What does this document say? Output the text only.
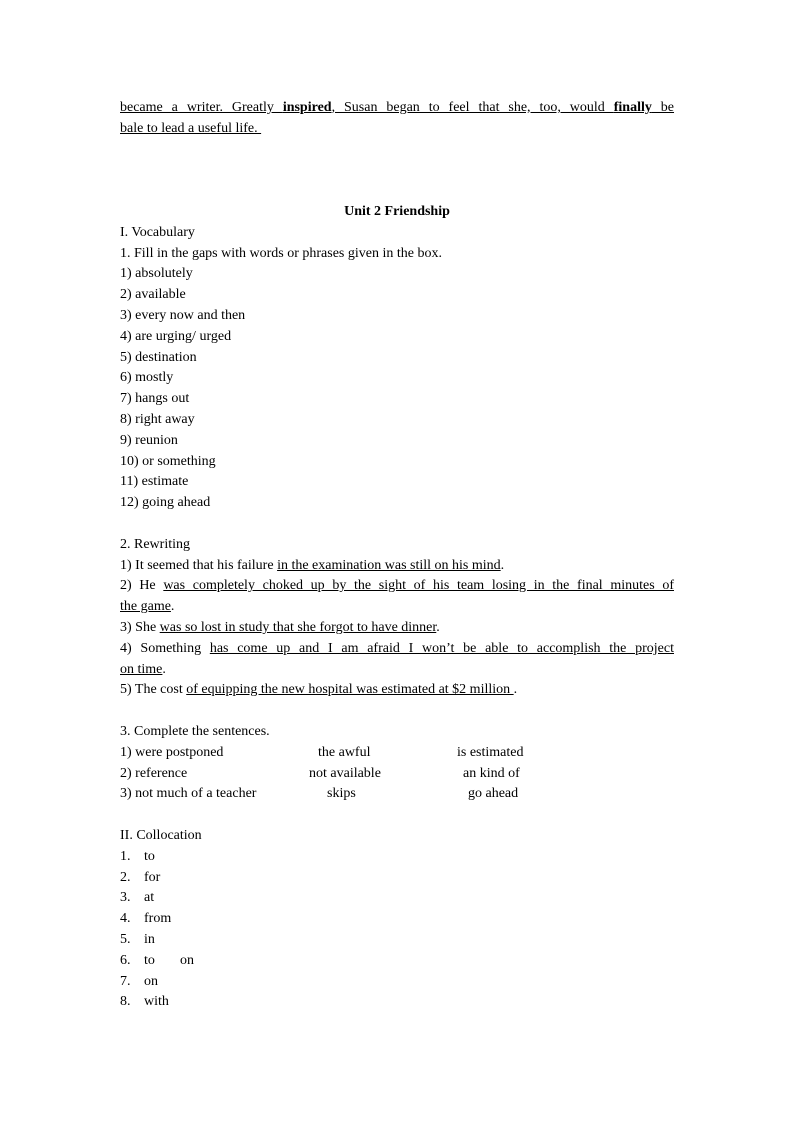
became a writer. Greatly inspired, Susan began to feel that she, too, would finally be
bale to lead a useful life.
Unit 2 Friendship
I. Vocabulary
1. Fill in the gaps with words or phrases given in the box.
1) absolutely
2) available
3) every now and then
4) are urging/ urged
5) destination
6) mostly
7) hangs out
8) right away
9) reunion
10) or something
11) estimate
12) going ahead
2. Rewriting
1) It seemed that his failure in the examination was still on his mind.
2) He was completely choked up by the sight of his team losing in the final minutes of
the game.
3) She was so lost in study that she forgot to have dinner.
4) Something has come up and I am afraid I won’t be able to accomplish the project
on time.
5) The cost of equipping the new hospital was estimated at $2 million .
3. Complete the sentences.
1) were postponed	the awful	is estimated
2) reference	not available	an kind of
3) not much of a teacher	skips	go ahead
II. Collocation
1. to
2. for
3. at
4. from
5. in
6. to on
7. on
8. with
